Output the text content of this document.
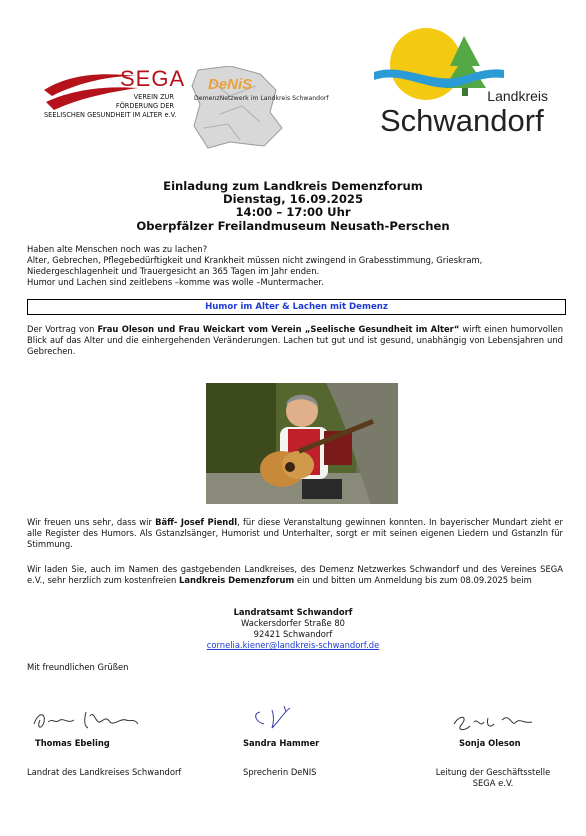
SEGA
VEREIN ZUR
FÖRDERUNG DER
SEELISCHEN GESUNDHEIT IM ALTER e.V.
DeNiS
DemenzNetzwerk im Landkreis Schwandorf	Landkreis
Schwandorf
Einladung zum Landkreis Demenzforum
Dienstag, 16.09.2025
14:00 – 17:00 Uhr
Oberpfälzer Freilandmuseum Neusath-Perschen
Haben alte Menschen noch was zu lachen?
Alter, Gebrechen, Pflegebedürftigkeit und Krankheit müssen nicht zwingend in Grabesstimmung, Grieskram,
Niedergeschlagenheit und Trauergesicht an 365 Tagen im Jahr enden.
Humor und Lachen sind zeitlebens –komme was wolle –Muntermacher.
Humor im Alter & Lachen mit Demenz
Der Vortrag von Frau Oleson und Frau Weickart vom Verein „Seelische Gesundheit im Alter“ wirft einen humorvollen Blick auf das Alter und die einhergehenden Veränderungen. Lachen tut gut und ist gesund, unabhängig von Lebensjahren und Gebrechen.
Wir freuen uns sehr, dass wir Bäff- Josef Piendl, für diese Veranstaltung gewinnen konnten. In bayerischer Mundart zieht er alle Register des Humors. Als Gstanzlsänger, Humorist und Unterhalter, sorgt er mit seinen eigenen Liedern und Gstanzln für Stimmung.
Wir laden Sie, auch im Namen des gastgebenden Landkreises, des Demenz Netzwerkes Schwandorf und des Vereines SEGA e.V., sehr herzlich zum kostenfreien Landkreis Demenzforum ein und bitten um Anmeldung bis zum 08.09.2025 beim
Landratsamt Schwandorf
Wackersdorfer Straße 80
92421 Schwandorf
cornelia.kiener@landkreis-schwandorf.de
Mit freundlichen Grüßen
Thomas Ebeling
Landrat des Landkreises Schwandorf
Sandra Hammer
Sprecherin DeNIS
Sonja Oleson
Leitung der Geschäftsstelle
SEGA e.V.
